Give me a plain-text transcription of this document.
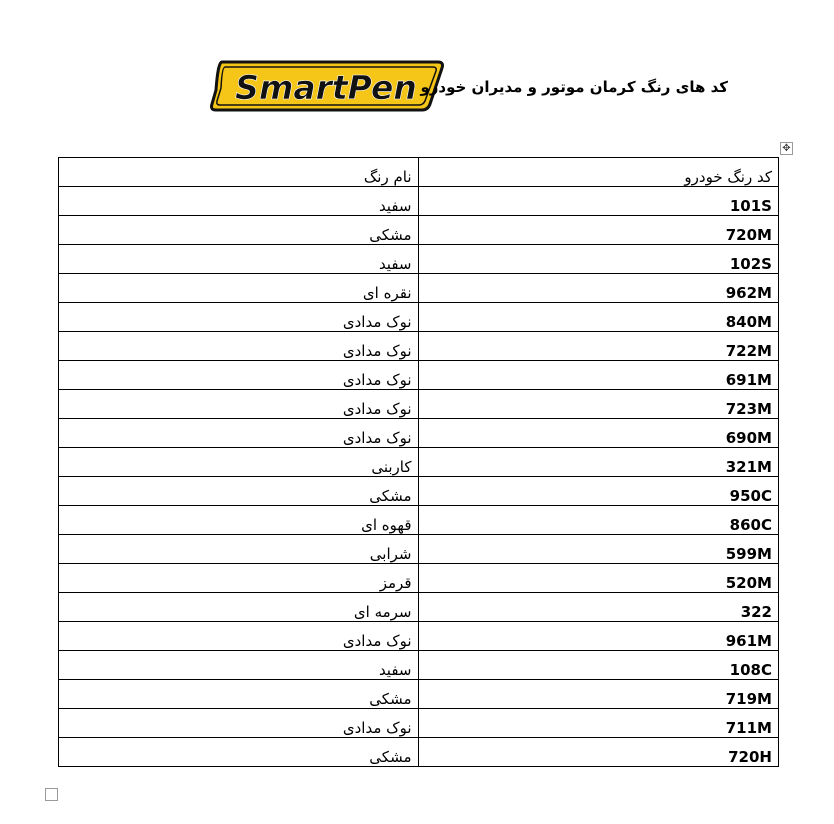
SmartPen کد های رنگ کرمان موتور و مدیران خودرو
✥
کد رنگ خودرو	نام رنگ
101S	سفید
720M	مشکی
102S	سفید
962M	نقره ای
840M	نوک مدادی
722M	نوک مدادی
691M	نوک مدادی
723M	نوک مدادی
690M	نوک مدادی
321M	کاربنی
950C	مشکی
860C	قهوه ای
599M	شرابی
520M	قرمز
322	سرمه ای
961M	نوک مدادی
108C	سفید
719M	مشکی
711M	نوک مدادی
720H	مشکی
